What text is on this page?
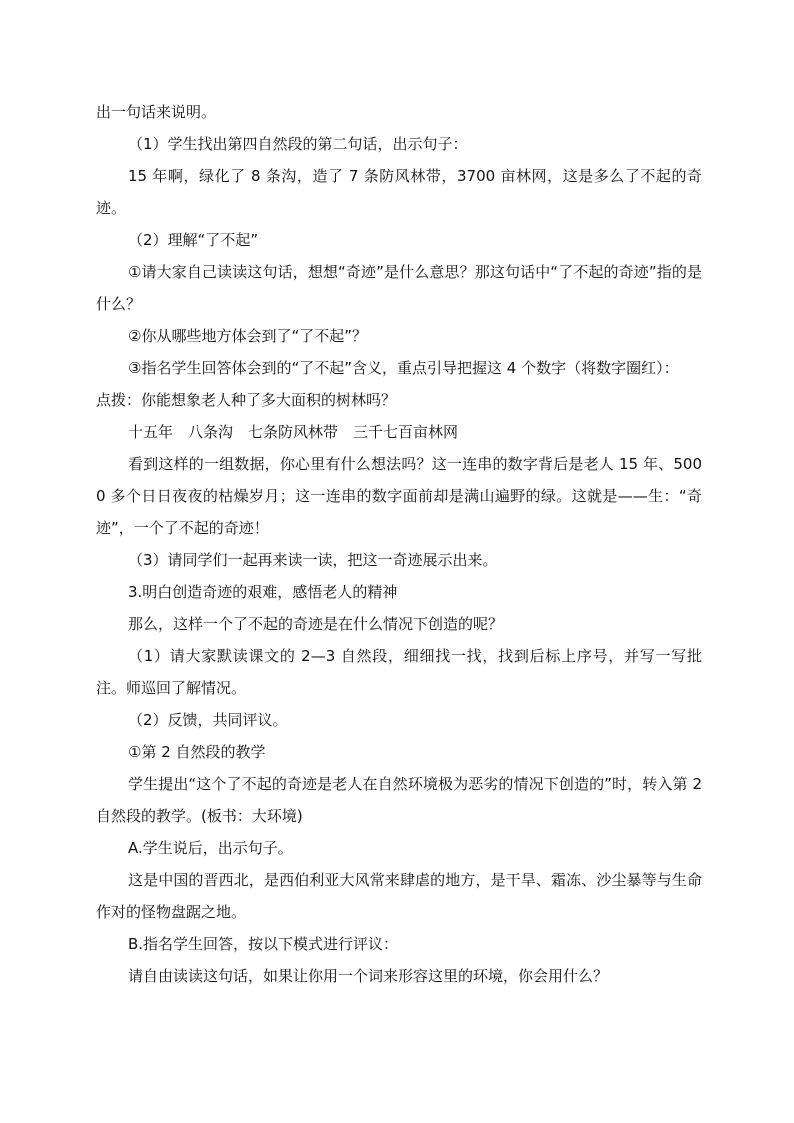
出一句话来说明。

（1）学生找出第四自然段的第二句话，出示句子：

15 年啊，绿化了 8 条沟，造了 7 条防风林带，3700 亩林网，这是多么了不起的奇迹。

（2）理解“了不起”

①请大家自己读读这句话，想想“奇迹”是什么意思？那这句话中“了不起的奇迹”指的是什么？

②你从哪些地方体会到了“了不起”？

③指名学生回答体会到的“了不起”含义，重点引导把握这 4 个数字（将数字圈红）：

点拨：你能想象老人种了多大面积的树林吗？

十五年　八条沟　七条防风林带　三千七百亩林网

看到这样的一组数据，你心里有什么想法吗？这一连串的数字背后是老人 15 年、5000 多个日日夜夜的枯燥岁月；这一连串的数字面前却是满山遍野的绿。这就是——生：“奇迹”，一个了不起的奇迹！

（3）请同学们一起再来读一读，把这一奇迹展示出来。

3.明白创造奇迹的艰难，感悟老人的精神

那么，这样一个了不起的奇迹是在什么情况下创造的呢？

（1）请大家默读课文的 2—3 自然段，细细找一找，找到后标上序号，并写一写批注。师巡回了解情况。

（2）反馈，共同评议。

①第 2 自然段的教学

学生提出“这个了不起的奇迹是老人在自然环境极为恶劣的情况下创造的”时，转入第 2 自然段的教学。(板书：大环境)

A.学生说后，出示句子。

这是中国的晋西北，是西伯利亚大风常来肆虐的地方，是干旱、霜冻、沙尘暴等与生命作对的怪物盘踞之地。

B.指名学生回答，按以下模式进行评议：

请自由读读这句话，如果让你用一个词来形容这里的环境，你会用什么？
